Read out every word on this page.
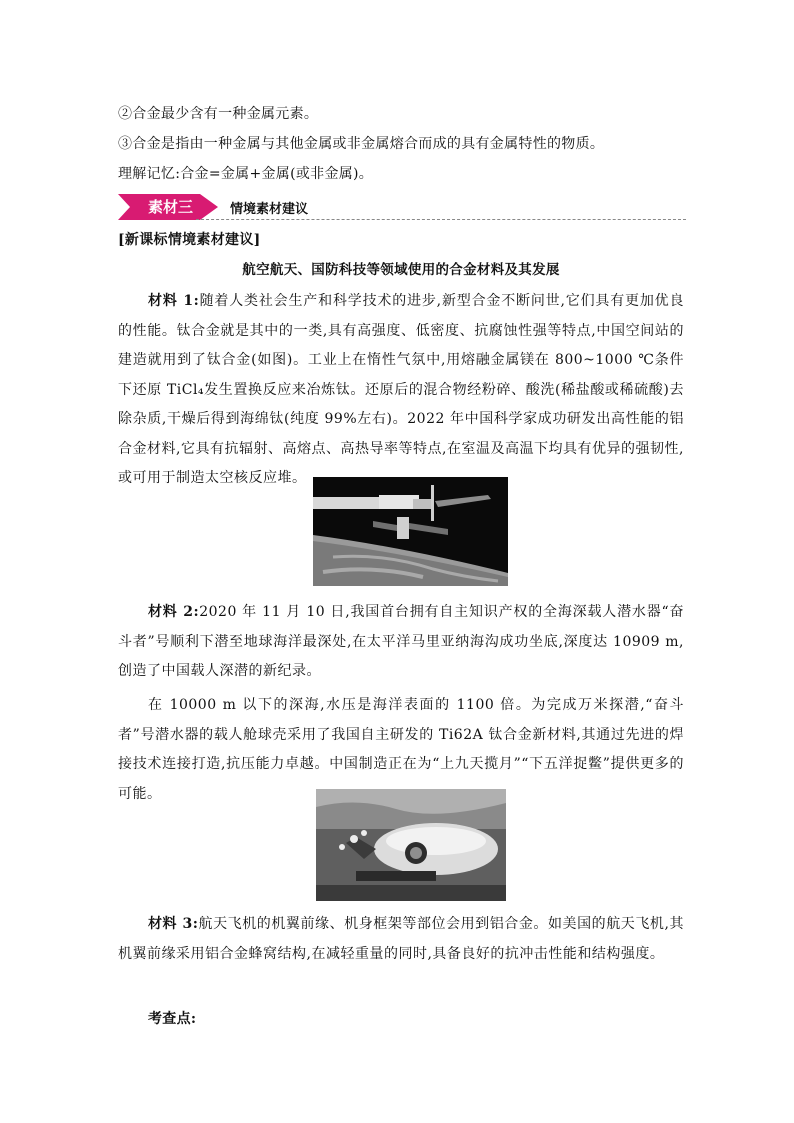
②合金最少含有一种金属元素。
③合金是指由一种金属与其他金属或非金属熔合而成的具有金属特性的物质。
理解记忆:合金=金属+金属(或非金属)。
素材三	情境素材建议
[新课标情境素材建议]
航空航天、国防科技等领域使用的合金材料及其发展
材料 1:随着人类社会生产和科学技术的进步,新型合金不断问世,它们具有更加优良的性能。钛合金就是其中的一类,具有高强度、低密度、抗腐蚀性强等特点,中国空间站的建造就用到了钛合金(如图)。工业上在惰性气氛中,用熔融金属镁在 800~1000 ℃条件下还原 TiCl₄发生置换反应来冶炼钛。还原后的混合物经粉碎、酸洗(稀盐酸或稀硫酸)去除杂质,干燥后得到海绵钛(纯度 99%左右)。2022 年中国科学家成功研发出高性能的铝合金材料,它具有抗辐射、高熔点、高热导率等特点,在室温及高温下均具有优异的强韧性,或可用于制造太空核反应堆。
材料 2:2020 年 11 月 10 日,我国首台拥有自主知识产权的全海深载人潜水器“奋斗者”号顺利下潜至地球海洋最深处,在太平洋马里亚纳海沟成功坐底,深度达 10909 m,创造了中国载人深潜的新纪录。
在 10000 m 以下的深海,水压是海洋表面的 1100 倍。为完成万米探潜,“奋斗者”号潜水器的载人舱球壳采用了我国自主研发的 Ti62A 钛合金新材料,其通过先进的焊接技术连接打造,抗压能力卓越。中国制造正在为“上九天揽月”“下五洋捉鳖”提供更多的可能。
材料 3:航天飞机的机翼前缘、机身框架等部位会用到铝合金。如美国的航天飞机,其机翼前缘采用铝合金蜂窝结构,在减轻重量的同时,具备良好的抗冲击性能和结构强度。
考查点:
